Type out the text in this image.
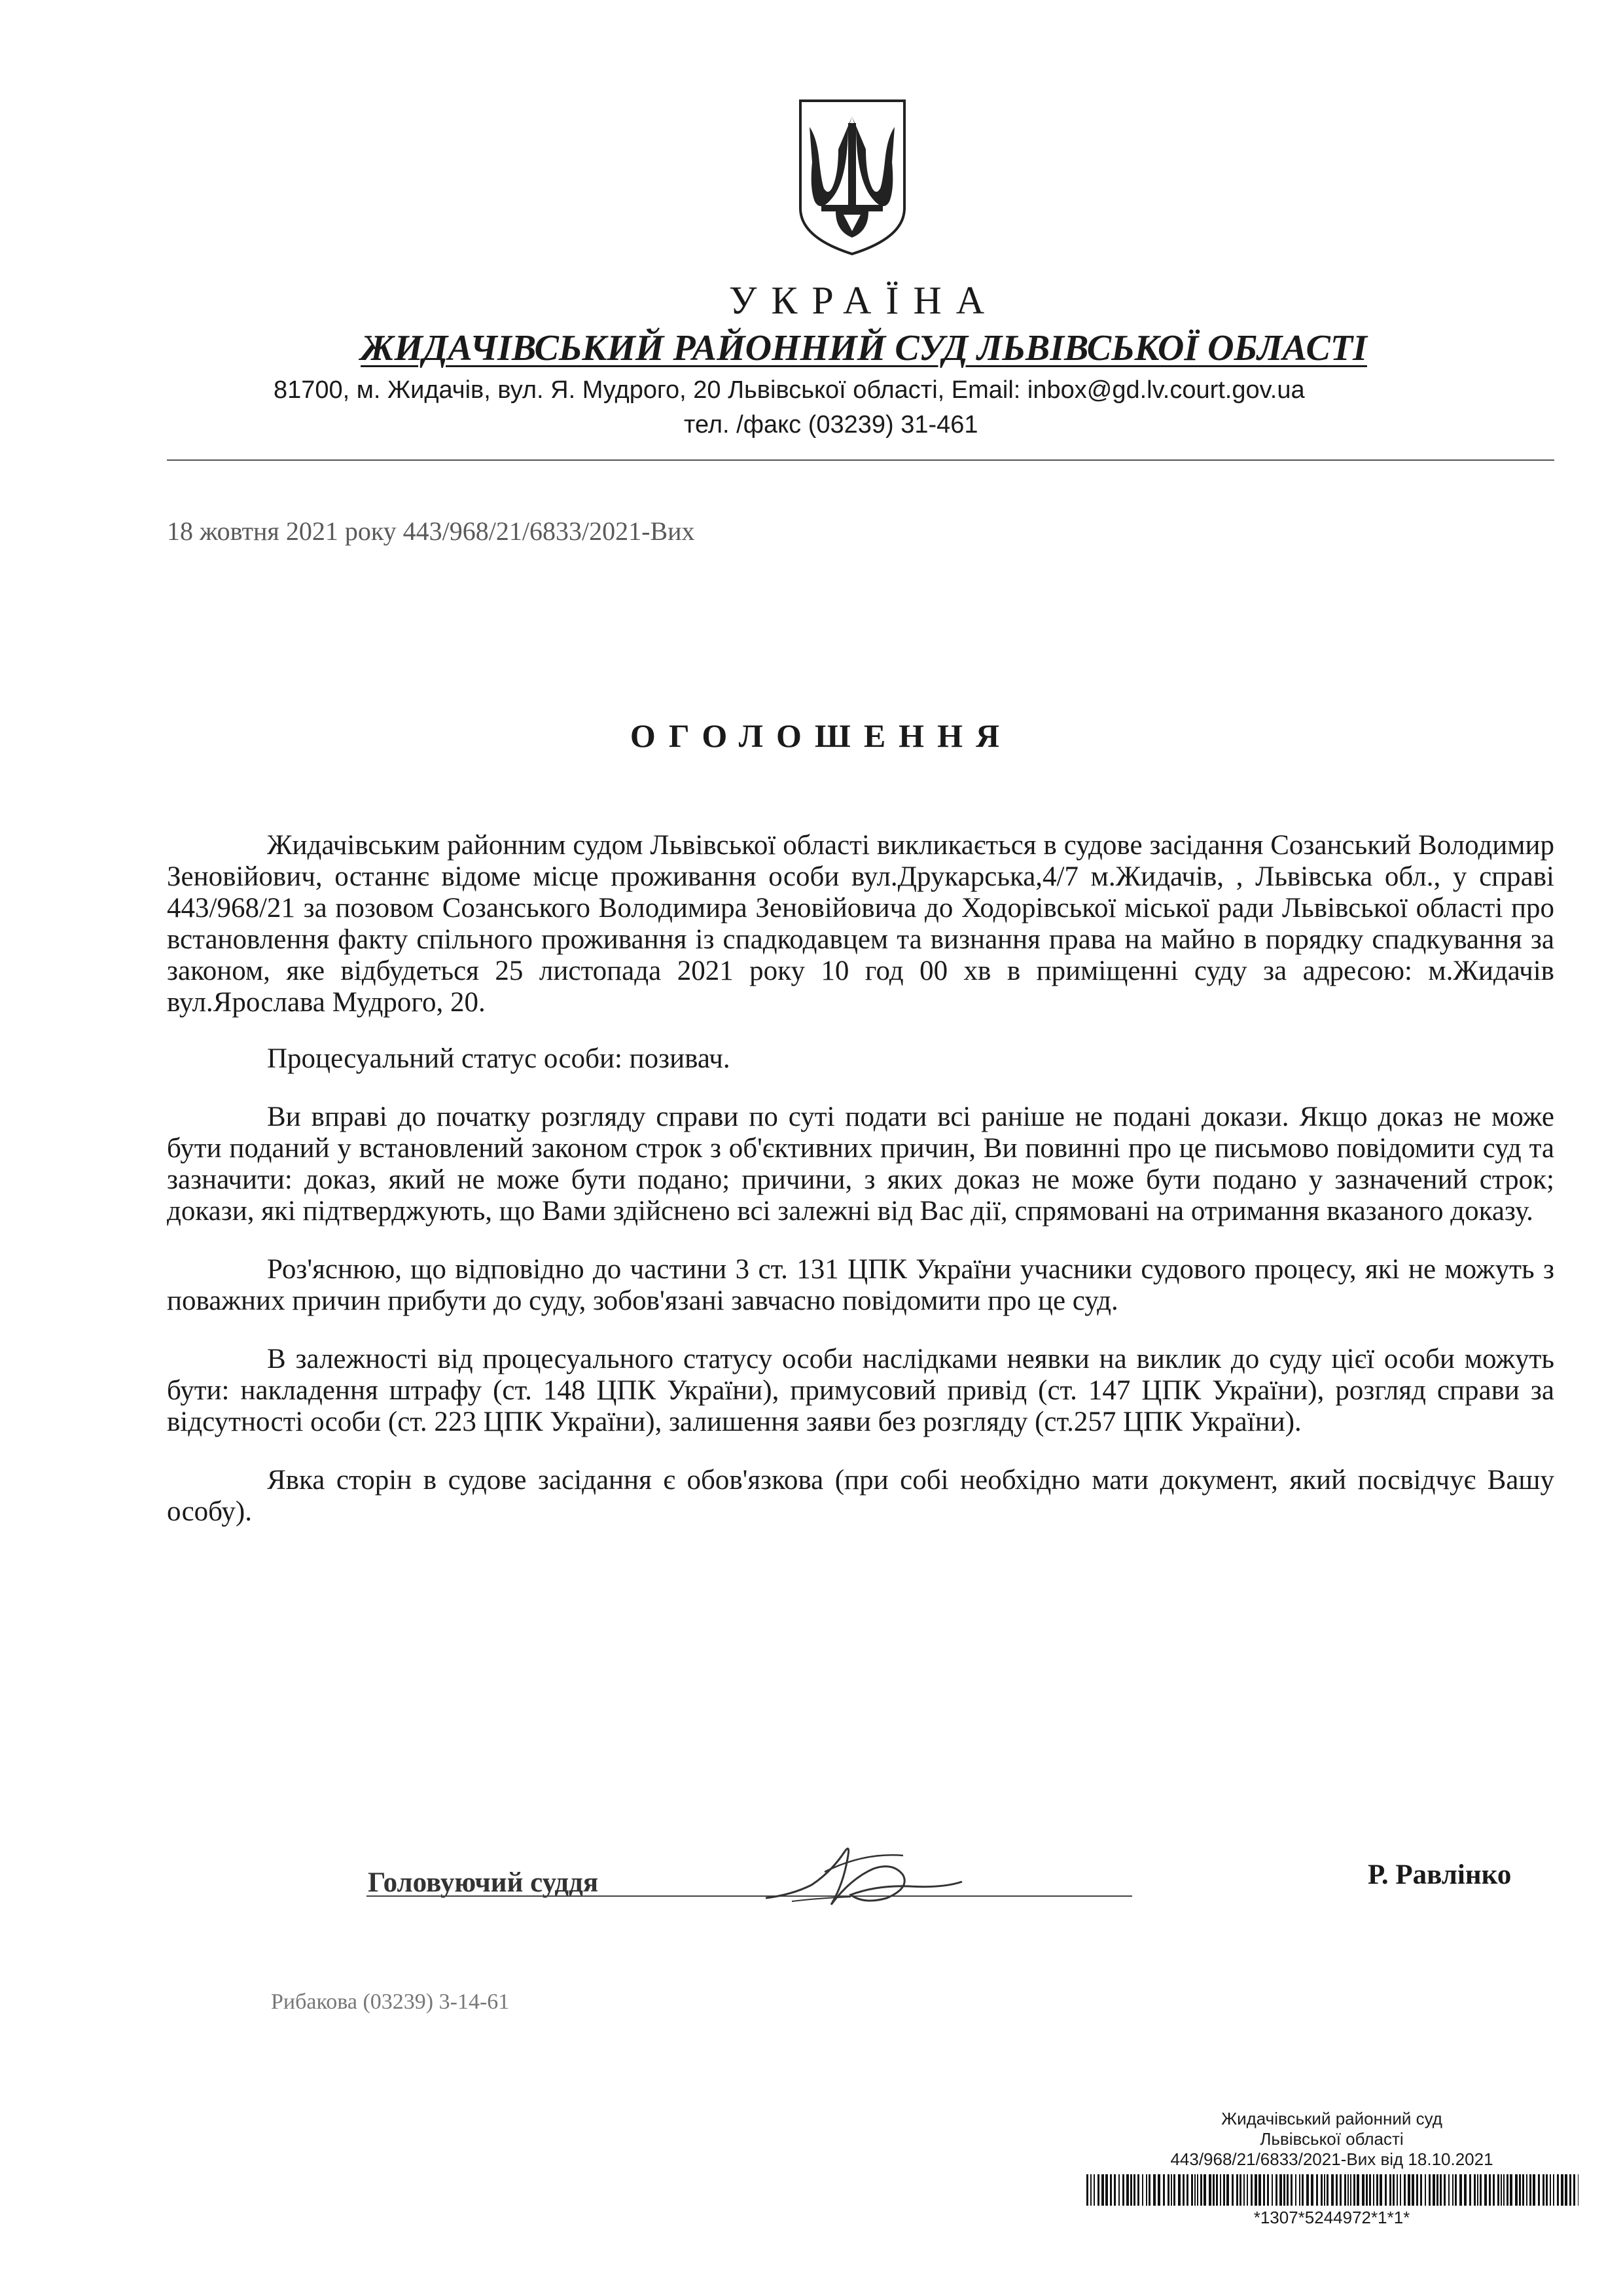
УКРАЇНА
ЖИДАЧІВСЬКИЙ РАЙОННИЙ СУД ЛЬВІВСЬКОЇ ОБЛАСТІ
81700, м. Жидачів, вул. Я. Мудрого, 20 Львівської області, Email: inbox@gd.lv.court.gov.ua
тел. /факс (03239) 31-461
18 жовтня 2021 року 443/968/21/6833/2021-Вих
ОГОЛОШЕННЯ

Жидачівським районним судом Львівської області викликається в судове засідання Созанський Володимир Зеновійович, останнє відоме місце проживання особи вул.Друкарська,4/7 м.Жидачів, , Львівська обл., у справі 443/968/21 за позовом Созанського Володимира Зеновійовича до Ходорівської міської ради Львівської області про встановлення факту спільного проживання із спадкодавцем та визнання права на майно в порядку спадкування за законом, яке відбудеться 25 листопада 2021 року 10 год 00 хв в приміщенні суду за адресою: м.Жидачів вул.Ярослава Мудрого, 20.

Процесуальний статус особи: позивач.

Ви вправі до початку розгляду справи по суті подати всі раніше не подані докази. Якщо доказ не може бути поданий у встановлений законом строк з об'єктивних причин, Ви повинні про це письмово повідомити суд та зазначити: доказ, який не може бути подано; причини, з яких доказ не може бути подано у зазначений строк; докази, які підтверджують, що Вами здійснено всі залежні від Вас дії, спрямовані на отримання вказаного доказу.

Роз'яснюю, що відповідно до частини 3 ст. 131 ЦПК України учасники судового процесу, які не можуть з поважних причин прибути до суду, зобов'язані завчасно повідомити про це суд.

В залежності від процесуального статусу особи наслідками неявки на виклик до суду цієї особи можуть бути: накладення штрафу (ст. 148 ЦПК України), примусовий привід (ст. 147 ЦПК України), розгляд справи за відсутності особи (ст. 223 ЦПК України), залишення заяви без розгляду (ст.257 ЦПК України).

Явка сторін в судове засідання є обов'язкова (при собі необхідно мати документ, який посвідчує Вашу особу).

Головуючий суддя	Р. Равлінко
Рибакова (03239) 3-14-61
Жидачівський районний суд
Львівської області
443/968/21/6833/2021-Вих від 18.10.2021
*1307*5244972*1*1*
